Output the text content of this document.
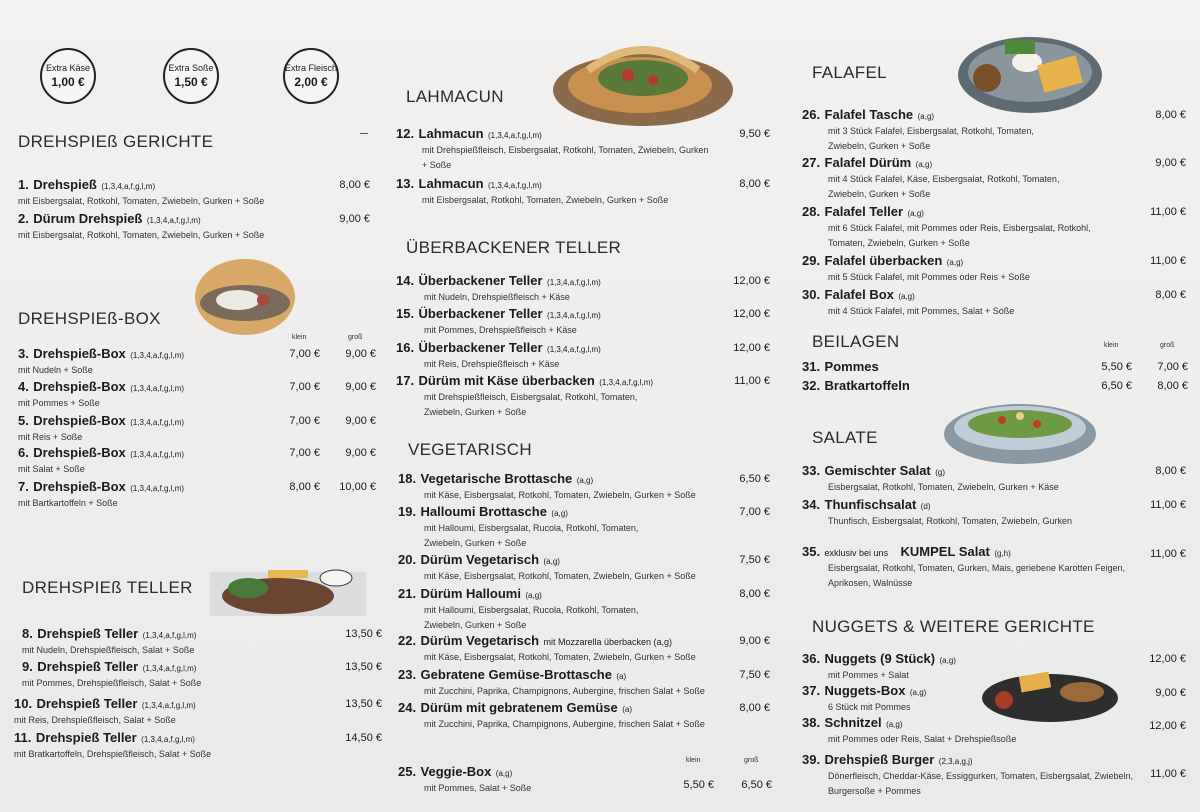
Extra Käse
1,00 €
Extra Soße
1,50 €
Extra Fleisch
2,00 €
DREHSPIEß GERICHTE
DREHSPIEß-BOX
DREHSPIEß TELLER
LAHMACUN
ÜBERBACKENER TELLER
VEGETARISCH
FALAFEL
BEILAGEN
SALATE
NUGGETS & WEITERE GERICHTE
klein	groß
klein	groß
klein	groß
1. Drehspieß (1,3,4,a,f,g,l,m)
mit Eisbergsalat, Rotkohl, Tomaten, Zwiebeln, Gurken + Soße
8,00 €
2. Dürum Drehspieß (1,3,4,a,f,g,l,m)
mit Eisbergsalat, Rotkohl, Tomaten, Zwiebeln, Gurken + Soße
9,00 €
3. Drehspieß-Box (1,3,4,a,f,g,l,m)
mit Nudeln + Soße
7,00 €	9,00 €
4. Drehspieß-Box (1,3,4,a,f,g,l,m)
mit Pommes + Soße
7,00 €	9,00 €
5. Drehspieß-Box (1,3,4,a,f,g,l,m)
mit Reis + Soße
7,00 €	9,00 €
6. Drehspieß-Box (1,3,4,a,f,g,l,m)
mit Salat + Soße
7,00 €	9,00 €
7. Drehspieß-Box (1,3,4,a,f,g,l,m)
mit Bartkartoffeln + Soße
8,00 €	10,00 €
8. Drehspieß Teller (1,3,4,a,f,g,l,m)
mit Nudeln, Drehspießfleisch, Salat + Soße
13,50 €
9. Drehspieß Teller (1,3,4,a,f,g,l,m)
mit Pommes, Drehspießfleisch, Salat + Soße
13,50 €
10. Drehspieß Teller (1,3,4,a,f,g,l,m)
mit Reis, Drehspießfleisch, Salat + Soße
13,50 €
11. Drehspieß Teller (1,3,4,a,f,g,l,m)
mit Bratkartoffeln, Drehspießfleisch, Salat + Soße
14,50 €
12. Lahmacun (1,3,4,a,f,g,l,m)
mit Drehspießfleisch, Eisbergsalat, Rotkohl, Tomaten, Zwiebeln, Gurken + Soße
9,50 €
13. Lahmacun (1,3,4,a,f,g,l,m)
mit Eisbergsalat, Rotkohl, Tomaten, Zwiebeln, Gurken + Soße
8,00 €
14. Überbackener Teller (1,3,4,a,f,g,l,m)
mit Nudeln, Drehspießfleisch + Käse
12,00 €
15. Überbackener Teller (1,3,4,a,f,g,l,m)
mit Pommes, Drehspießfleisch + Käse
12,00 €
16. Überbackener Teller (1,3,4,a,f,g,l,m)
mit Reis, Drehspießfleisch + Käse
12,00 €
17. Dürüm mit Käse überbacken (1,3,4,a,f,g,l,m)
mit Drehspießfleisch, Eisbergsalat, Rotkohl, Tomaten, Zwiebeln, Gurken + Soße
11,00 €
18. Vegetarische Brottasche (a,g)
mit Käse, Eisbergsalat, Rotkohl, Tomaten, Zwiebeln, Gurken + Soße
6,50 €
19. Halloumi Brottasche (a,g)
mit Halloumi, Eisbergsalat, Rucola, Rotkohl, Tomaten, Zwiebeln, Gurken + Soße
7,00 €
20. Dürüm Vegetarisch (a,g)
mit Käse, Eisbergsalat, Rotkohl, Tomaten, Zwiebeln, Gurken + Soße
7,50 €
21. Dürüm Halloumi (a,g)
mit Halloumi, Eisbergsalat, Rucola, Rotkohl, Tomaten, Zwiebeln, Gurken + Soße
8,00 €
22. Dürüm Vegetarisch mit Mozzarella überbacken (a,g)
mit Käse, Eisbergsalat, Rotkohl, Tomaten, Zwiebeln, Gurken + Soße
9,00 €
23. Gebratene Gemüse-Brottasche (a)
mit Zucchini, Paprika, Champignons, Aubergine, frischen Salat + Soße
7,50 €
24. Dürüm mit gebratenem Gemüse (a)
mit Zucchini, Paprika, Champignons, Aubergine, frischen Salat + Soße
8,00 €
25. Veggie-Box (a,g)
mit Pommes, Salat + Soße	5,50 €	6,50 €
26. Falafel Tasche (a,g)
mit 3 Stück Falafel, Eisbergsalat, Rotkohl, Tomaten, Zwiebeln, Gurken + Soße
8,00 €
27. Falafel Dürüm (a,g)
mit 4 Stück Falafel, Käse, Eisbergsalat, Rotkohl, Tomaten, Zwiebeln, Gurken + Soße
9,00 €
28. Falafel Teller (a,g)
mit 6 Stück Falafel, mit Pommes oder Reis, Eisbergsalat, Rotkohl, Tomaten, Zwiebeln, Gurken + Soße
11,00 €
29. Falafel überbacken (a,g)
mit 5 Stück Falafel, mit Pommes oder Reis + Soße
11,00 €
30. Falafel Box (a,g)
mit 4 Stück Falafel, mit Pommes, Salat + Soße
8,00 €
31. Pommes	5,50 €	7,00 €
32. Bratkartoffeln	6,50 €	8,00 €
33. Gemischter Salat (g)
Eisbergsalat, Rotkohl, Tomaten, Zwiebeln, Gurken + Käse
8,00 €
34. Thunfischsalat (d)
Thunfisch, Eisbergsalat, Rotkohl, Tomaten, Zwiebeln, Gurken
11,00 €
35. exklusiv bei uns KUMPEL Salat (g,h)
Eisbergsalat, Rotkohl, Tomaten, Gurken, Mais, geriebene Karotten Feigen, Aprikosen, Walnüsse
11,00 €
36. Nuggets (9 Stück) (a,g)
mit Pommes + Salat
12,00 €
37. Nuggets-Box (a,g)
6 Stück mit Pommes
9,00 €
38. Schnitzel (a,g)
mit Pommes oder Reis, Salat + Drehspießsoße
12,00 €
39. Drehspieß Burger (2,3,a,g,j)
Dönerfleisch, Cheddar-Käse, Essiggurken, Tomaten, Eisbergsalat, Zwiebeln, Burgersoße + Pommes
11,00 €
